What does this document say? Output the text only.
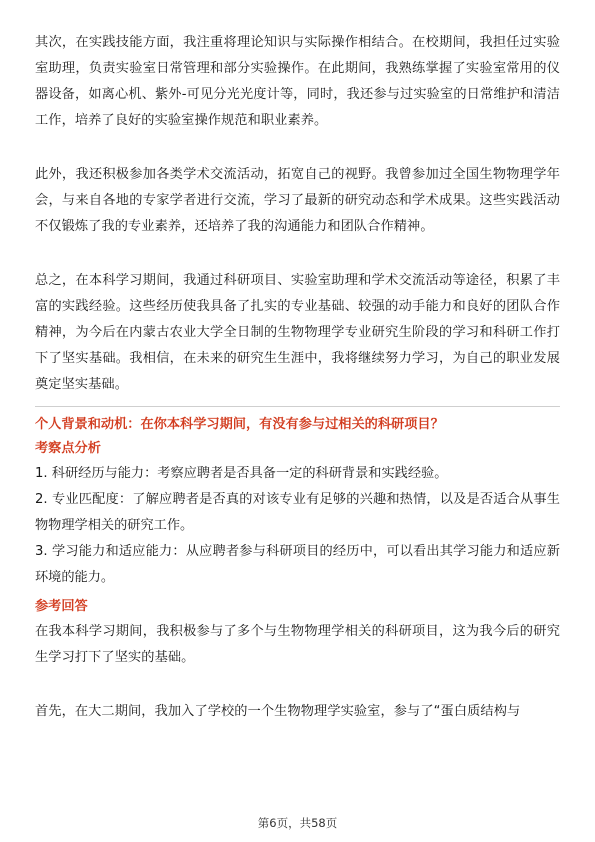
其次，在实践技能方面，我注重将理论知识与实际操作相结合。在校期间，我担任过实验室助理，负责实验室日常管理和部分实验操作。在此期间，我熟练掌握了实验室常用的仪器设备，如离心机、紫外-可见分光光度计等，同时，我还参与过实验室的日常维护和清洁工作，培养了良好的实验室操作规范和职业素养。

此外，我还积极参加各类学术交流活动，拓宽自己的视野。我曾参加过全国生物物理学年会，与来自各地的专家学者进行交流，学习了最新的研究动态和学术成果。这些实践活动不仅锻炼了我的专业素养，还培养了我的沟通能力和团队合作精神。

总之，在本科学习期间，我通过科研项目、实验室助理和学术交流活动等途径，积累了丰富的实践经验。这些经历使我具备了扎实的专业基础、较强的动手能力和良好的团队合作精神，为今后在内蒙古农业大学全日制的生物物理学专业研究生阶段的学习和科研工作打下了坚实基础。我相信，在未来的研究生生涯中，我将继续努力学习，为自己的职业发展奠定坚实基础。

个人背景和动机：在你本科学习期间，有没有参与过相关的科研项目？

考察点分析

1. 科研经历与能力：考察应聘者是否具备一定的科研背景和实践经验。

2. 专业匹配度：了解应聘者是否真的对该专业有足够的兴趣和热情，以及是否适合从事生物物理学相关的研究工作。

3. 学习能力和适应能力：从应聘者参与科研项目的经历中，可以看出其学习能力和适应新环境的能力。

参考回答

在我本科学习期间，我积极参与了多个与生物物理学相关的科研项目，这为我今后的研究生学习打下了坚实的基础。

首先，在大二期间，我加入了学校的一个生物物理学实验室，参与了“蛋白质结构与

第6页，共58页
